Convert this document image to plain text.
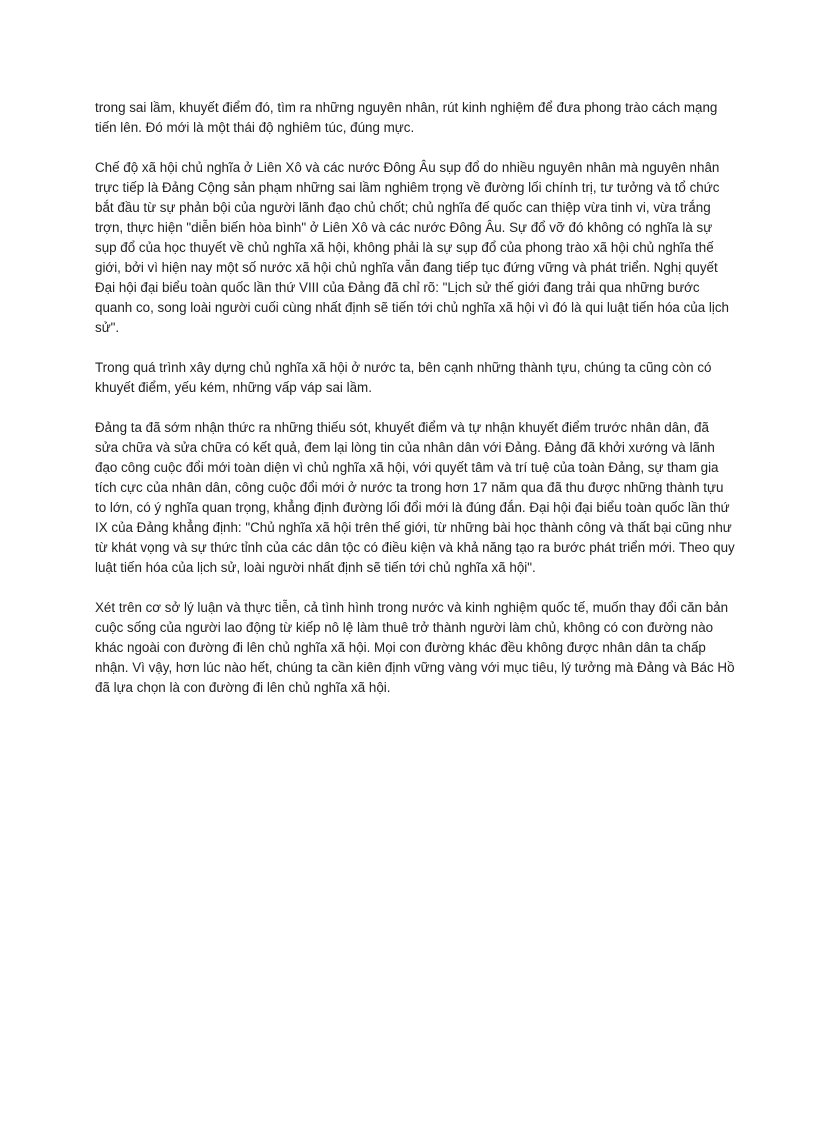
trong sai lầm, khuyết điểm đó, tìm ra những nguyên nhân, rút kinh nghiệm để đưa phong trào cách mạng tiến lên. Đó mới là một thái độ nghiêm túc, đúng mực.

Chế độ xã hội chủ nghĩa ở Liên Xô và các nước Đông Âu sụp đổ do nhiều nguyên nhân mà nguyên nhân trực tiếp là Đảng Cộng sản phạm những sai lầm nghiêm trọng về đường lối chính trị, tư tưởng và tổ chức bắt đầu từ sự phản bội của người lãnh đạo chủ chốt; chủ nghĩa đế quốc can thiệp vừa tinh vi, vừa trắng trợn, thực hiện "diễn biến hòa bình" ở Liên Xô và các nước Đông Âu. Sự đổ vỡ đó không có nghĩa là sự sụp đổ của học thuyết về chủ nghĩa xã hội, không phải là sự sụp đổ của phong trào xã hội chủ nghĩa thế giới, bởi vì hiện nay một số nước xã hội chủ nghĩa vẫn đang tiếp tục đứng vững và phát triển. Nghị quyết Đại hội đại biểu toàn quốc lần thứ VIII của Đảng đã chỉ rõ: "Lịch sử thế giới đang trải qua những bước quanh co, song loài người cuối cùng nhất định sẽ tiến tới chủ nghĩa xã hội vì đó là qui luật tiến hóa của lịch sử".

Trong quá trình xây dựng chủ nghĩa xã hội ở nước ta, bên cạnh những thành tựu, chúng ta cũng còn có khuyết điểm, yếu kém, những vấp váp sai lầm.

Đảng ta đã sớm nhận thức ra những thiếu sót, khuyết điểm và tự nhận khuyết điểm trước nhân dân, đã sửa chữa và sửa chữa có kết quả, đem lại lòng tin của nhân dân với Đảng. Đảng đã khởi xướng và lãnh đạo công cuộc đổi mới toàn diện vì chủ nghĩa xã hội, với quyết tâm và trí tuệ của toàn Đảng, sự tham gia tích cực của nhân dân, công cuộc đổi mới ở nước ta trong hơn 17 năm qua đã thu được những thành tựu to lớn, có ý nghĩa quan trọng, khẳng định đường lối đổi mới là đúng đắn. Đại hội đại biểu toàn quốc lần thứ IX của Đảng khẳng định: "Chủ nghĩa xã hội trên thế giới, từ những bài học thành công và thất bại cũng như từ khát vọng và sự thức tỉnh của các dân tộc có điều kiện và khả năng tạo ra bước phát triển mới. Theo quy luật tiến hóa của lịch sử, loài người nhất định sẽ tiến tới chủ nghĩa xã hội".

Xét trên cơ sở lý luận và thực tiễn, cả tình hình trong nước và kinh nghiệm quốc tế, muốn thay đổi căn bản cuộc sống của người lao động từ kiếp nô lệ làm thuê trở thành người làm chủ, không có con đường nào khác ngoài con đường đi lên chủ nghĩa xã hội. Mọi con đường khác đều không được nhân dân ta chấp nhận. Vì vậy, hơn lúc nào hết, chúng ta cần kiên định vững vàng với mục tiêu, lý tưởng mà Đảng và Bác Hồ đã lựa chọn là con đường đi lên chủ nghĩa xã hội.
